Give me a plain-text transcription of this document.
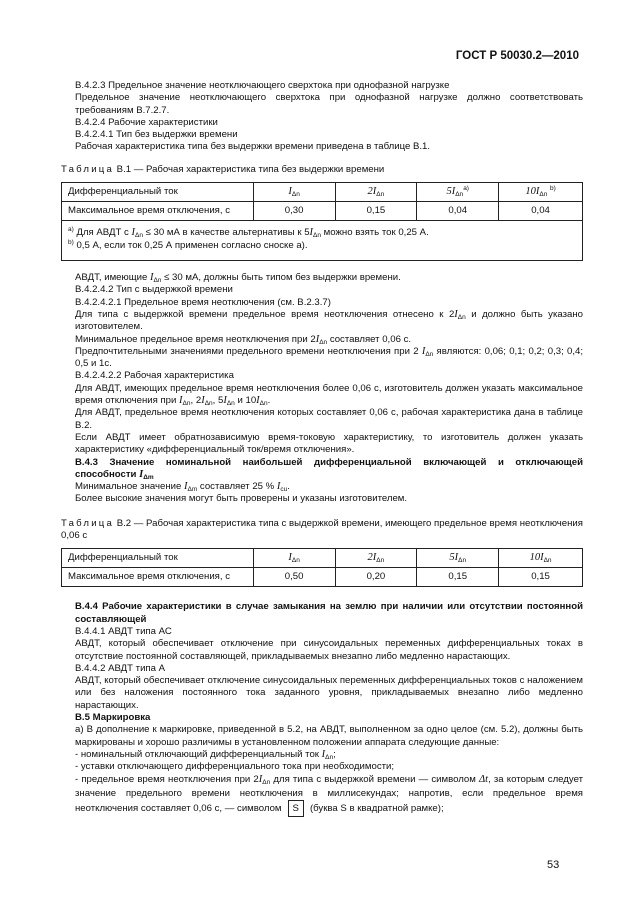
ГОСТ Р 50030.2—2010

В.4.2.3 Предельное значение неотключающего сверхтока при однофазной нагрузке

Предельное значение неотключающего сверхтока при однофазной нагрузке должно соответствовать требованиям В.7.2.7.

В.4.2.4 Рабочие характеристики

В.4.2.4.1 Тип без выдержки времени

Рабочая характеристика типа без выдержки времени приведена в таблице В.1.

Таблица В.1 — Рабочая характеристика типа без выдержки времени

Дифференциальный ток	$I_{\Delta n}$	$2I_{\Delta n}$	$5I_{\Delta n}^{а)}$	$10I_{\Delta n}$ $^{b)}$
Максимальное время отключения, с	0,30	0,15	0,04	0,04

$^{а)}$ Для АВДТ с $I_{\Delta n} \le 30$ мА в качестве альтернативы к $5I_{\Delta n}$ можно взять ток 0,25 А.
$^{b)}$ 0,5 А, если ток 0,25 А применен согласно сноске а).				

АВДТ, имеющие $I_{\Delta n} \le 30$ мА, должны быть типом без выдержки времени.

В.4.2.4.2 Тип с выдержкой времени

В.4.2.4.2.1 Предельное время неотключения (см. В.2.3.7)

Для типа с выдержкой времени предельное время неотключения отнесено к $2I_{\Delta n}$ и должно быть указано изготовителем.

Минимальное предельное время неотключения при $2I_{\Delta n}$ составляет 0,06 с.

Предпочтительными значениями предельного времени неотключения при 2 $I_{\Delta n}$ являются: 0,06; 0,1; 0,2; 0,3; 0,4; 0,5 и 1с.

В.4.2.4.2.2 Рабочая характеристика

Для АВДТ, имеющих предельное время неотключения более 0,06 с, изготовитель должен указать максимальное время отключения при $I_{\Delta n}$, $2I_{\Delta n}$, $5I_{\Delta n}$ и $10I_{\Delta n}$.

Для АВДТ, предельное время неотключения которых составляет 0,06 с, рабочая характеристика дана в таблице В.2.

Если АВДТ имеет обратнозависимую время-токовую характеристику, то изготовитель должен указать характеристику «дифференциальный ток/время отключения».

В.4.3 Значение номинальной наибольшей дифференциальной включающей и отключающей способности $I_{\Delta m}$

Минимальное значение $I_{\Delta m}$ составляет 25 % $I_{cu}$.

Более высокие значения могут быть проверены и указаны изготовителем.

Таблица В.2 — Рабочая характеристика типа с выдержкой времени, имеющего предельное время неотключения 0,06 с

Дифференциальный ток	$I_{\Delta n}$	$2I_{\Delta n}$	$5I_{\Delta n}$	$10I_{\Delta n}$
Максимальное время отключения, с	0,50	0,20	0,15	0,15

В.4.4 Рабочие характеристики в случае замыкания на землю при наличии или отсутствии постоянной составляющей

В.4.4.1 АВДТ типа АС

АВДТ, который обеспечивает отключение при синусоидальных переменных дифференциальных токах в отсутствие постоянной составляющей, прикладываемых внезапно либо медленно нарастающих.

В.4.4.2 АВДТ типа А

АВДТ, который обеспечивает отключение синусоидальных переменных дифференциальных токов с наложением или без наложения постоянного тока заданного уровня, прикладываемых внезапно либо медленно нарастающих.

В.5 Маркировка

а) В дополнение к маркировке, приведенной в 5.2, на АВДТ, выполненном за одно целое (см. 5.2), должны быть маркированы и хорошо различимы в установленном положении аппарата следующие данные:

- номинальный отключающий дифференциальный ток $I_{\Delta n}$;

- уставки отключающего дифференциального тока при необходимости;

- предельное время неотключения при $2I_{\Delta n}$ для типа с выдержкой времени — символом Δt, за которым следует значение предельного времени неотключения в миллисекундах; напротив, если предельное время неотключения составляет 0,06 с, — символом S (буква S в квадратной рамке);

53
